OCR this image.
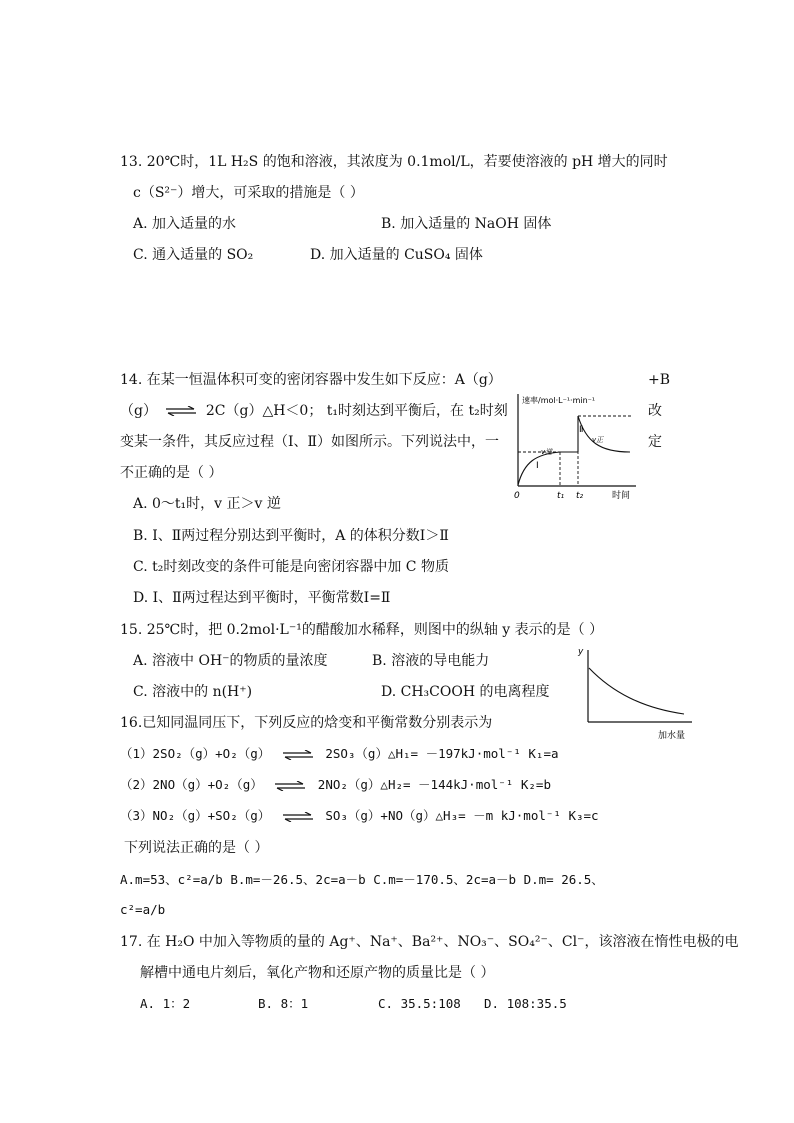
13. 20℃时，1L H₂S 的饱和溶液，其浓度为 0.1mol/L，若要使溶液的 pH 增大的同时
c（S²⁻）增大，可采取的措施是（ ）
A. 加入适量的水	B. 加入适量的 NaOH 固体
C. 通入适量的 SO₂	D. 加入适量的 CuSO₄ 固体
14. 在某一恒温体积可变的密闭容器中发生如下反应：A（g）	+B
（g） ⇌ 2C（g）△H＜0； t₁时刻达到平衡后，在 t₂时刻	改
变某一条件，其反应过程（Ⅰ、Ⅱ）如图所示。下列说法中，一	定
不正确的是（ ）
速率/mol·L⁻¹·min⁻¹
时间
0	t₁ t₂
Ⅰ
v逆
Ⅱ
v正
A. 0～t₁时，v 正＞v 逆
B. Ⅰ、Ⅱ两过程分别达到平衡时，A 的体积分数Ⅰ＞Ⅱ
C. t₂时刻改变的条件可能是向密闭容器中加 C 物质
D. Ⅰ、Ⅱ两过程达到平衡时，平衡常数Ⅰ=Ⅱ
15. 25℃时，把 0.2mol·L⁻¹的醋酸加水稀释，则图中的纵轴 y 表示的是（ ）
A. 溶液中 OH⁻的物质的量浓度	B. 溶液的导电能力
C. 溶液中的 n(H⁺)	D. CH₃COOH 的电离程度
y
加水量
16.已知同温同压下，下列反应的焓变和平衡常数分别表示为
（1）2SO₂（g）+O₂（g） ⇌ 2SO₃（g）△H₁= －197kJ·mol⁻¹ K₁=a
（2）2NO（g）+O₂（g） ⇌ 2NO₂（g）△H₂= －144kJ·mol⁻¹ K₂=b
（3）NO₂（g）+SO₂（g） ⇌ SO₃（g）+NO（g）△H₃= －m kJ·mol⁻¹ K₃=c
下列说法正确的是（ ）
A.m=53、c²=a/b B.m=－26.5、2c=a－b C.m=－170.5、2c=a－b D.m= 26.5、
c²=a/b
17. 在 H₂O 中加入等物质的量的 Ag⁺、Na⁺、Ba²⁺、NO₃⁻、SO₄²⁻、Cl⁻，该溶液在惰性电极的电
解槽中通电片刻后，氧化产物和还原产物的质量比是（ ）
A. 1：2	B. 8：1	C. 35.5:108 D. 108:35.5
